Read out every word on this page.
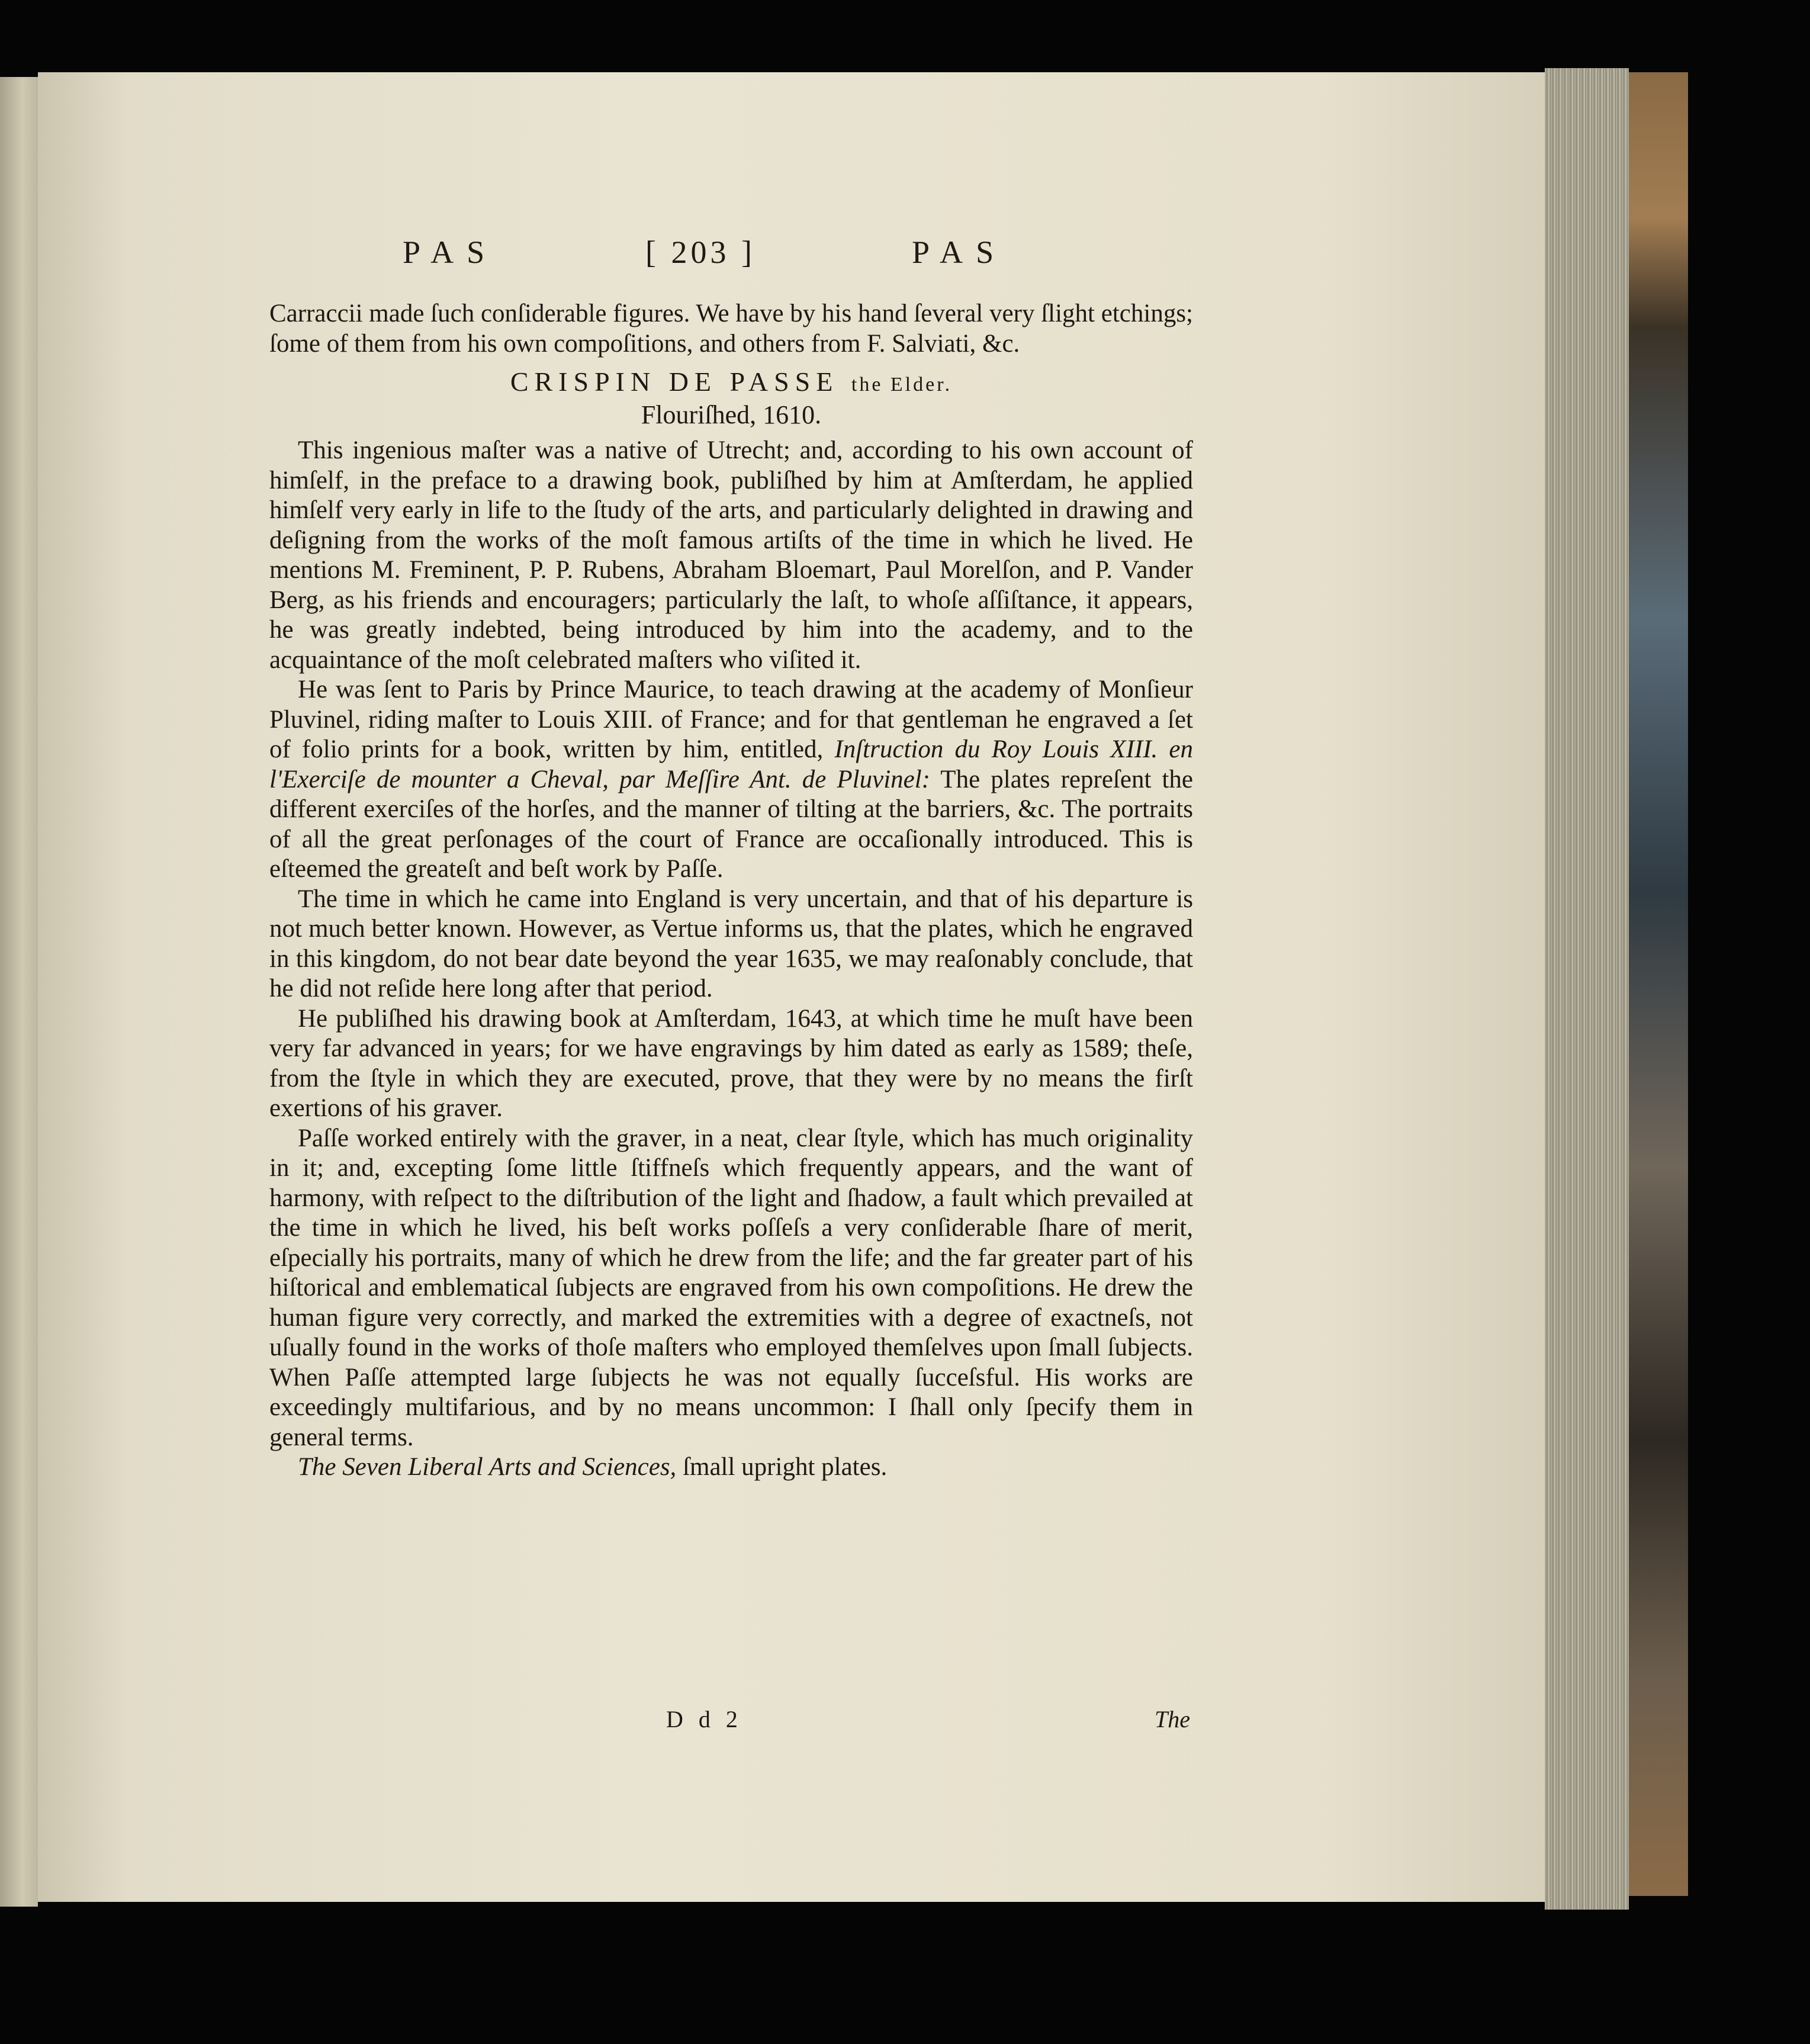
PAS	[ 203 ]	PAS

Carraccii made ſuch conſiderable figures. We have by his hand ſeveral very ſlight etchings; ſome of them from his own compoſitions, and others from F. Salviati, &c.

CRISPIN DE PASSE the Elder.
Flouriſhed, 1610.

This ingenious maſter was a native of Utrecht; and, according to his own account of himſelf, in the preface to a drawing book, publiſhed by him at Amſterdam, he applied himſelf very early in life to the ſtudy of the arts, and particularly delighted in drawing and deſigning from the works of the moſt famous artiſts of the time in which he lived. He mentions M. Freminent, P. P. Rubens, Abraham Bloemart, Paul Morelſon, and P. Vander Berg, as his friends and encouragers; particularly the laſt, to whoſe aſſiſtance, it appears, he was greatly indebted, being introduced by him into the academy, and to the acquaintance of the moſt celebrated maſters who viſited it.

He was ſent to Paris by Prince Maurice, to teach drawing at the academy of Monſieur Pluvinel, riding maſter to Louis XIII. of France; and for that gentleman he engraved a ſet of folio prints for a book, written by him, entitled, Inſtruction du Roy Louis XIII. en l'Exerciſe de mounter a Cheval, par Meſſire Ant. de Pluvinel: The plates repreſent the different exerciſes of the horſes, and the manner of tilting at the barriers, &c. The portraits of all the great perſonages of the court of France are occaſionally introduced. This is eſteemed the greateſt and beſt work by Paſſe.

The time in which he came into England is very uncertain, and that of his departure is not much better known. However, as Vertue informs us, that the plates, which he engraved in this kingdom, do not bear date beyond the year 1635, we may reaſonably conclude, that he did not reſide here long after that period.

He publiſhed his drawing book at Amſterdam, 1643, at which time he muſt have been very far advanced in years; for we have engravings by him dated as early as 1589; theſe, from the ſtyle in which they are executed, prove, that they were by no means the firſt exertions of his graver.

Paſſe worked entirely with the graver, in a neat, clear ſtyle, which has much originality in it; and, excepting ſome little ſtiffneſs which frequently appears, and the want of harmony, with reſpect to the diſtribution of the light and ſhadow, a fault which prevailed at the time in which he lived, his beſt works poſſeſs a very conſiderable ſhare of merit, eſpecially his portraits, many of which he drew from the life; and the far greater part of his hiſtorical and emblematical ſubjects are engraved from his own compoſitions. He drew the human figure very correctly, and marked the extremities with a degree of exactneſs, not uſually found in the works of thoſe maſters who employed themſelves upon ſmall ſubjects. When Paſſe attempted large ſubjects he was not equally ſucceſsful. His works are exceedingly multifarious, and by no means uncommon: I ſhall only ſpecify them in general terms.

The Seven Liberal Arts and Sciences, ſmall upright plates.

D d 2	The
